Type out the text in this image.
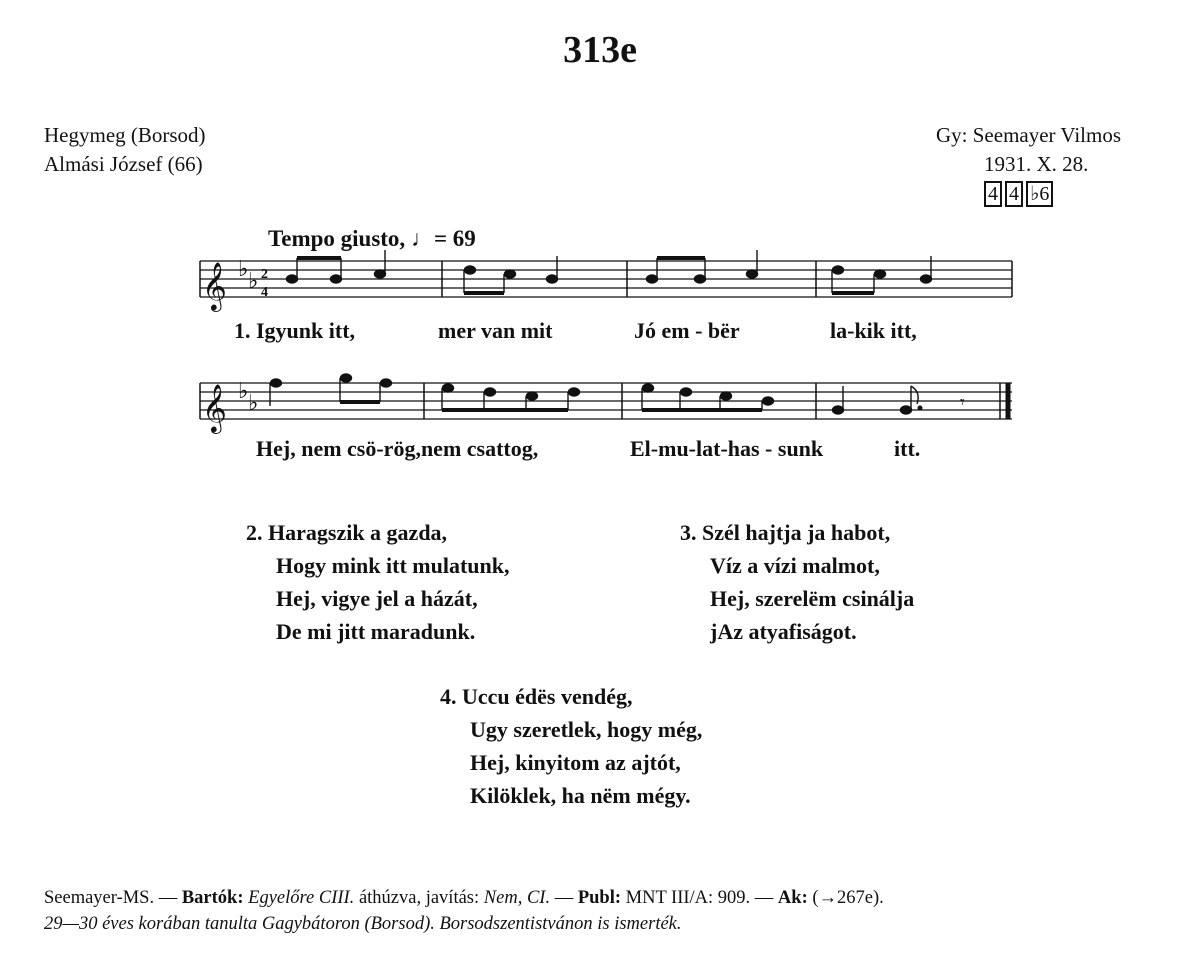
313e
Hegymeg (Borsod)
Almási József (66)
Gy: Seemayer Vilmos
1931. X. 28.
4 4 ♭6
Tempo giusto, ♩= 69
𝄞 ♭ ♭ 2
4
𝄞 ♭ ♭	𝄾
1. Igyunk itt,	mer van mit	Jó em - bër	la-kik itt,
Hej, nem csö-rög,nem csattog,	El-mu-lat-has - sunk	itt.
2. Haragszik a gazda,
Hogy mink itt mulatunk,
Hej, vigye jel a házát,
De mi jitt maradunk.
3. Szél hajtja ja habot,
Víz a vízi malmot,
Hej, szerelëm csinálja
jAz atyafiságot.
4. Uccu édës vendég,
Ugy szeretlek, hogy még,
Hej, kinyitom az ajtót,
Kilöklek, ha nëm mégy.
Seemayer-MS. — Bartók: Egyelőre CIII. áthúzva, javítás: Nem, CI. — Publ: MNT III/A: 909. — Ak: (→267e).
29—30 éves korában tanulta Gagybátoron (Borsod). Borsodszentistvánon is ismerték.
